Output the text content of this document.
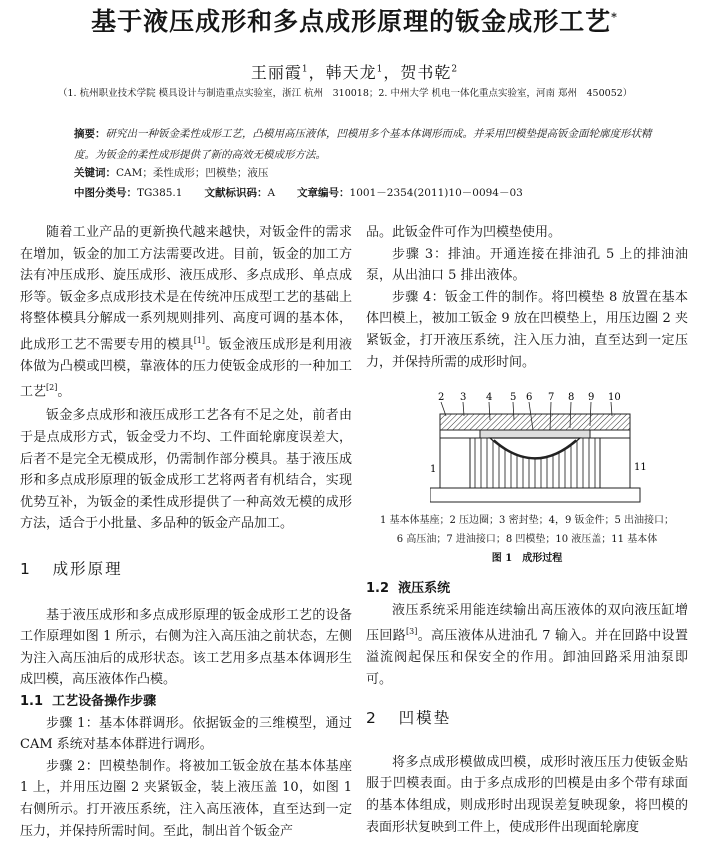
基于液压成形和多点成形原理的钣金成形工艺*
王丽霞$^1$，韩天龙$^1$，贺书乾$^2$
（1. 杭州职业技术学院 模具设计与制造重点实验室，浙江 杭州　310018；2. 中州大学 机电一体化重点实验室，河南 郑州　450052）
摘要：研究出一种钣金柔性成形工艺，凸模用高压液体，凹模用多个基本体调形而成。并采用凹模垫提高钣金面轮廓度形状精度。为钣金的柔性成形提供了新的高效无模成形方法。
关键词：CAM；柔性成形；凹模垫；液压
中图分类号：TG385.1 文献标识码：A 文章编号：1001－2354(2011)10－0094－03

随着工业产品的更新换代越来越快，对钣金件的需求在增加，钣金的加工方法需要改进。目前，钣金的加工方法有冲压成形、旋压成形、液压成形、多点成形、单点成形等。钣金多点成形技术是在传统冲压成型工艺的基础上将整体模具分解成一系列规则排列、高度可调的基本体，此成形工艺不需要专用的模具[1]。钣金液压成形是利用液体做为凸模或凹模，靠液体的压力使钣金成形的一种加工工艺[2]。

钣金多点成形和液压成形工艺各有不足之处，前者由于是点成形方式，钣金受力不均、工件面轮廓度误差大，后者不是完全无模成形，仍需制作部分模具。基于液压成形和多点成形原理的钣金成形工艺将两者有机结合，实现优势互补，为钣金的柔性成形提供了一种高效无模的成形方法，适合于小批量、多品种的钣金产品加工。

1 成形原理

基于液压成形和多点成形原理的钣金成形工艺的设备工作原理如图 1 所示，右侧为注入高压油之前状态，左侧为注入高压油后的成形状态。该工艺用多点基本体调形生成凹模，高压液体作凸模。

1.1 工艺设备操作步骤

步骤 1：基本体群调形。依据钣金的三维模型，通过 CAM 系统对基本体群进行调形。

步骤 2：凹模垫制作。将被加工钣金放在基本体基座 1 上，并用压边圈 2 夹紧钣金，装上液压盖 10，如图 1 右侧所示。打开液压系统，注入高压液体，直至达到一定压力，并保持所需时间。至此，制出首个钣金产

品。此钣金件可作为凹模垫使用。

步骤 3：排油。开通连接在排油孔 5 上的排油油泵，从出油口 5 排出液体。

步骤 4：钣金工件的制作。将凹模垫 8 放置在基本体凹模上，被加工钣金 9 放在凹模垫上，用压边圈 2 夹紧钣金，打开液压系统，注入压力油，直至达到一定压力，并保持所需的成形时间。

2 3 4 5 6 7 8 9 10
1	11
1 基本体基座；2 压边圈；3 密封垫；4，9 钣金件；5 出油接口；
6 高压油；7 进油接口；8 凹模垫；10 液压盖；11 基本体
图 1　成形过程
1.2 液压系统

液压系统采用能连续输出高压液体的双向液压缸增压回路[3]。高压液体从进油孔 7 输入。并在回路中设置溢流阀起保压和保安全的作用。卸油回路采用油泵即可。

2 凹模垫

将多点成形模做成凹模，成形时液压压力使钣金贴服于凹模表面。由于多点成形的凹模是由多个带有球面的基本体组成，则成形时出现误差复映现象，将凹模的表面形状复映到工件上，使成形件出现面轮廓度
